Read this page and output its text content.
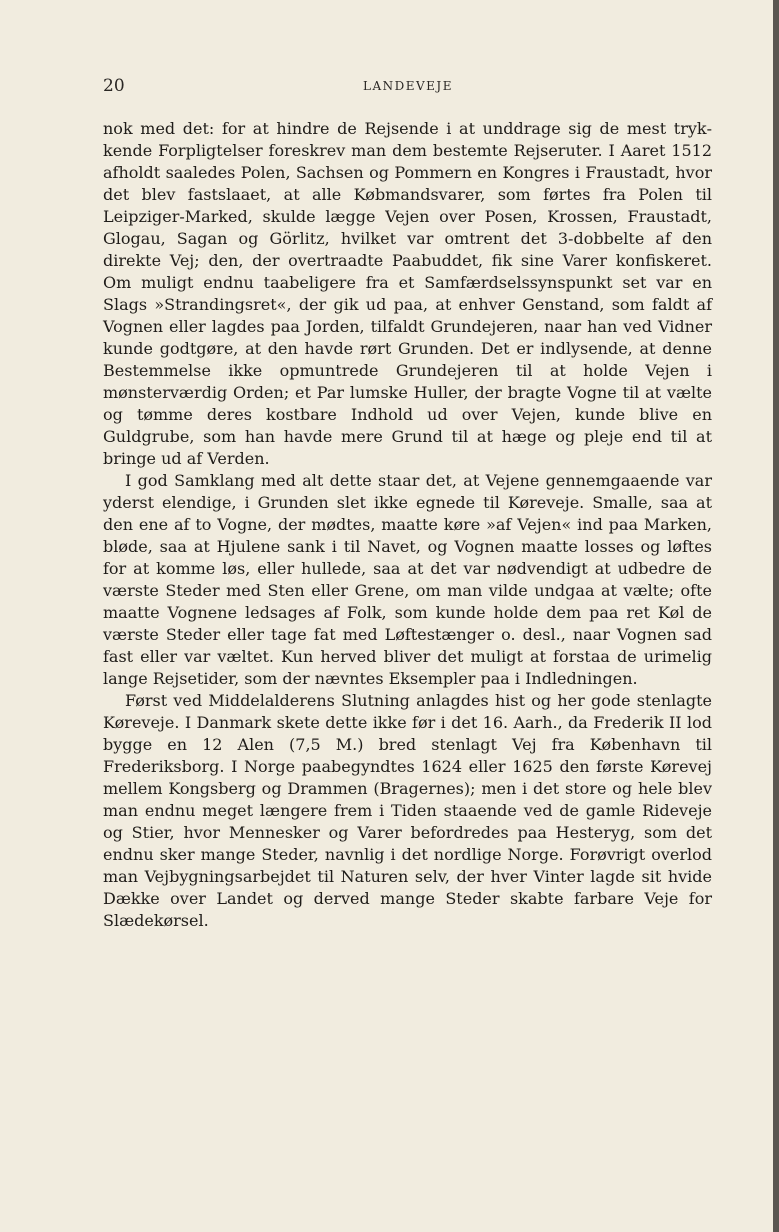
20	LANDEVEJE

nok med det: for at hindre de Rejsende i at unddrage sig de mest trykkende Forpligtelser foreskrev man dem bestemte Rejseruter. I Aaret 1512 afholdt saaledes Polen, Sachsen og Pommern en Kongres i Fraustadt, hvor det blev fastslaaet, at alle Købmandsvarer, som førtes fra Polen til Leipziger-Marked, skulde lægge Vejen over Posen, Krossen, Fraustadt, Glogau, Sagan og Görlitz, hvilket var omtrent det 3-dobbelte af den direkte Vej; den, der overtraadte Paabuddet, fik sine Varer konfiskeret. Om muligt endnu taabeligere fra et Samfærdselssynspunkt set var en Slags »Strandingsret«, der gik ud paa, at enhver Genstand, som faldt af Vognen eller lagdes paa Jorden, tilfaldt Grundejeren, naar han ved Vidner kunde godtgøre, at den havde rørt Grunden. Det er indlysende, at denne Bestemmelse ikke opmuntrede Grundejeren til at holde Vejen i mønsterværdig Orden; et Par lumske Huller, der bragte Vogne til at vælte og tømme deres kostbare Indhold ud over Vejen, kunde blive en Guldgrube, som han havde mere Grund til at hæge og pleje end til at bringe ud af Verden.

I god Samklang med alt dette staar det, at Vejene gennemgaaende var yderst elendige, i Grunden slet ikke egnede til Køreveje. Smalle, saa at den ene af to Vogne, der mødtes, maatte køre »af Vejen« ind paa Marken, bløde, saa at Hjulene sank i til Navet, og Vognen maatte losses og løftes for at komme løs, eller hullede, saa at det var nødvendigt at udbedre de værste Steder med Sten eller Grene, om man vilde undgaa at vælte; ofte maatte Vognene ledsages af Folk, som kunde holde dem paa ret Køl de værste Steder eller tage fat med Løftestænger o. desl., naar Vognen sad fast eller var væltet. Kun herved bliver det muligt at forstaa de urimelig lange Rejsetider, som der nævntes Eksempler paa i Indledningen.

Først ved Middelalderens Slutning anlagdes hist og her gode stenlagte Køreveje. I Danmark skete dette ikke før i det 16. Aarh., da Frederik II lod bygge en 12 Alen (7,5 M.) bred stenlagt Vej fra København til Frederiksborg. I Norge paabegyndtes 1624 eller 1625 den første Kørevej mellem Kongsberg og Drammen (Bragernes); men i det store og hele blev man endnu meget længere frem i Tiden staaende ved de gamle Rideveje og Stier, hvor Mennesker og Varer befordredes paa Hesteryg, som det endnu sker mange Steder, navnlig i det nordlige Norge. Forøvrigt overlod man Vejbygningsarbejdet til Naturen selv, der hver Vinter lagde sit hvide Dække over Landet og derved mange Steder skabte farbare Veje for Slædekørsel.
